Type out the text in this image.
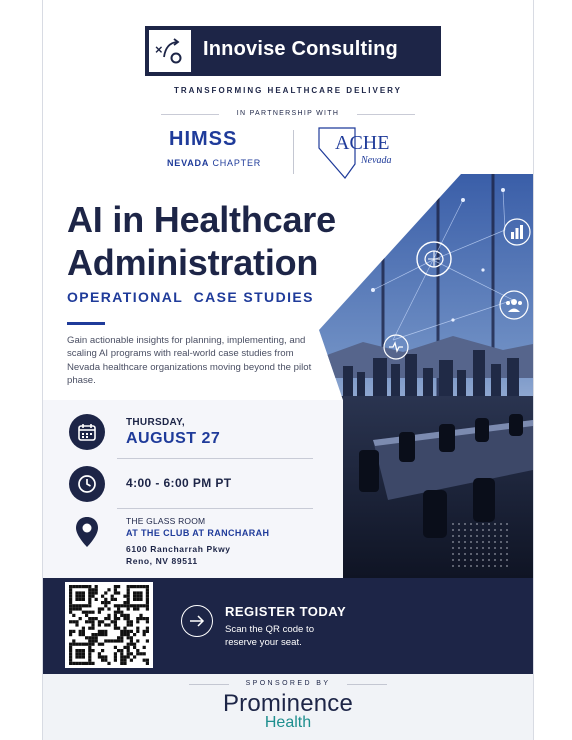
× Innovise Consulting
TRANSFORMING HEALTHCARE DELIVERY
IN PARTNERSHIP WITH
HIMSS
NEVADA CHAPTER
ACHE
Nevada
AI in Healthcare
Administration
OPERATIONAL  CASE STUDIES
Gain actionable insights for planning, implementing, and scaling AI programs with real-world case studies from Nevada healthcare organizations moving beyond the pilot phase.
THURSDAY,
AUGUST 27
4:00 - 6:00 PM PT
THE GLASS ROOM
AT THE CLUB AT RANCHARAH
6100 Rancharrah Pkwy
Reno, NV 89511
REGISTER TODAY
Scan the QR code to
reserve your seat.
SPONSORED BY
Prominence
Health
